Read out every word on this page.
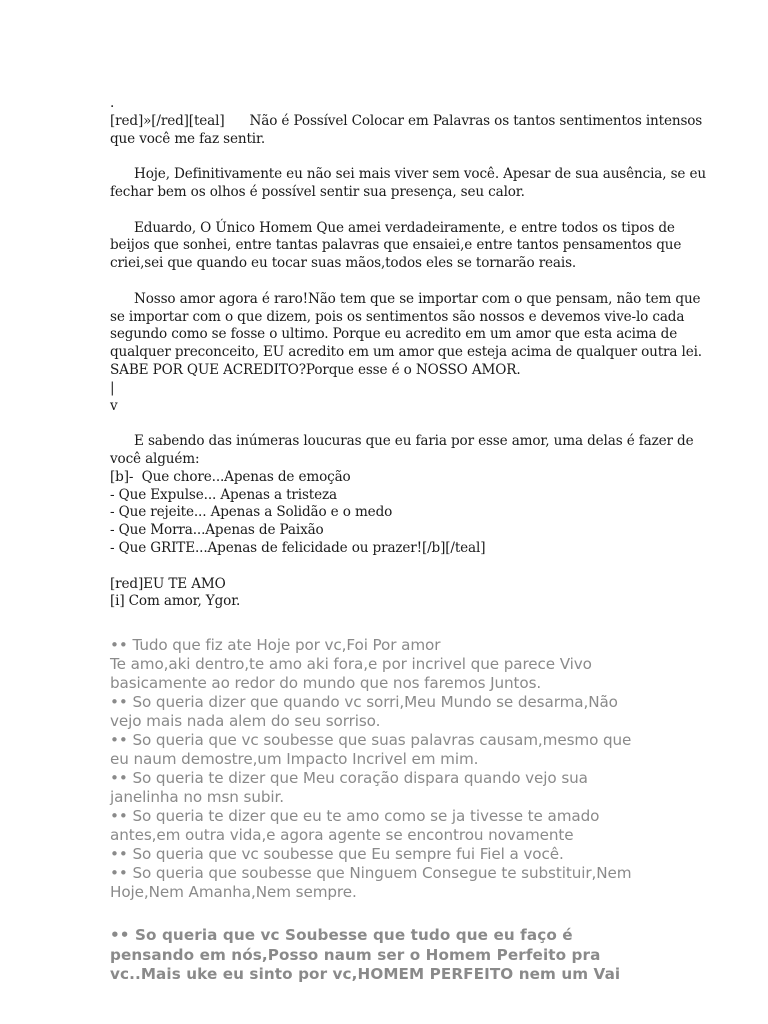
.
[red]»[/red][teal]      Não é Possível Colocar em Palavras os tantos sentimentos intensos
que você me faz sentir.
Hoje, Definitivamente eu não sei mais viver sem você. Apesar de sua ausência, se eu
fechar bem os olhos é possível sentir sua presença, seu calor.
Eduardo, O Único Homem Que amei verdadeiramente, e entre todos os tipos de
beijos que sonhei, entre tantas palavras que ensaiei,e entre tantos pensamentos que
criei,sei que quando eu tocar suas mãos,todos eles se tornarão reais.
Nosso amor agora é raro!Não tem que se importar com o que pensam, não tem que
se importar com o que dizem, pois os sentimentos são nossos e devemos vive-lo cada
segundo como se fosse o ultimo. Porque eu acredito em um amor que esta acima de
qualquer preconceito, EU acredito em um amor que esteja acima de qualquer outra lei.
SABE POR QUE ACREDITO?Porque esse é o NOSSO AMOR.
|
v
E sabendo das inúmeras loucuras que eu faria por esse amor, uma delas é fazer de
você alguém:
[b]-  Que chore...Apenas de emoção
- Que Expulse... Apenas a tristeza
- Que rejeite... Apenas a Solidão e o medo
- Que Morra...Apenas de Paixão
- Que GRITE...Apenas de felicidade ou prazer![/b][/teal]
[red]EU TE AMO
[i] Com amor, Ygor.
•• Tudo que fiz ate Hoje por vc,Foi Por amor
Te amo,aki dentro,te amo aki fora,e por incrivel que parece Vivo
basicamente ao redor do mundo que nos faremos Juntos.
•• So queria dizer que quando vc sorri,Meu Mundo se desarma,Não
vejo mais nada alem do seu sorriso.
•• So queria que vc soubesse que suas palavras causam,mesmo que
eu naum demostre,um Impacto Incrivel em mim.
•• So queria te dizer que Meu coração dispara quando vejo sua
janelinha no msn subir.
•• So queria te dizer que eu te amo como se ja tivesse te amado
antes,em outra vida,e agora agente se encontrou novamente
•• So queria que vc soubesse que Eu sempre fui Fiel a você.
•• So queria que soubesse que Ninguem Consegue te substituir,Nem
Hoje,Nem Amanha,Nem sempre.
•• So queria que vc Soubesse que tudo que eu faço é
pensando em nós,Posso naum ser o Homem Perfeito pra
vc..Mais uke eu sinto por vc,HOMEM PERFEITO nem um Vai
